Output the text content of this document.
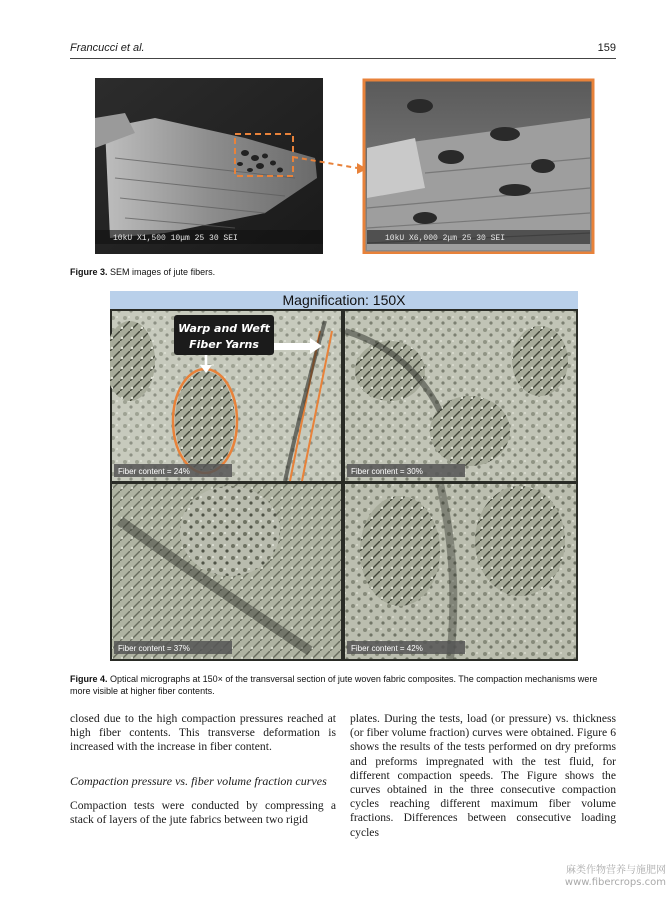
Francucci et al.	159
10kU X1,500 10μm 25 30 SEI	10kU X6,000 2μm 25 30 SEI
Figure 3. SEM images of jute fibers.
Magnification: 150X
Warp and Weft
Fiber Yarns
Fiber content = 24%	Fiber content = 30%
Fiber content = 37%	Fiber content = 42%
Figure 4. Optical micrographs at 150× of the transversal section of jute woven fabric composites. The compaction mechanisms were more visible at higher fiber contents.

closed due to the high compaction pressures reached at high fiber contents. This transverse deformation is increased with the increase in fiber content.

Compaction pressure vs. fiber volume fraction curves

Compaction tests were conducted by compressing a stack of layers of the jute fabrics between two rigid

plates. During the tests, load (or pressure) vs. thickness (or fiber volume fraction) curves were obtained. Figure 6 shows the results of the tests performed on dry preforms and preforms impregnated with the test fluid, for different compaction speeds. The Figure shows the curves obtained in the three consecutive compaction cycles reaching different maximum fiber volume fractions. Differences between consecutive loading cycles

麻类作物营养与施肥网
www.fibercrops.com
